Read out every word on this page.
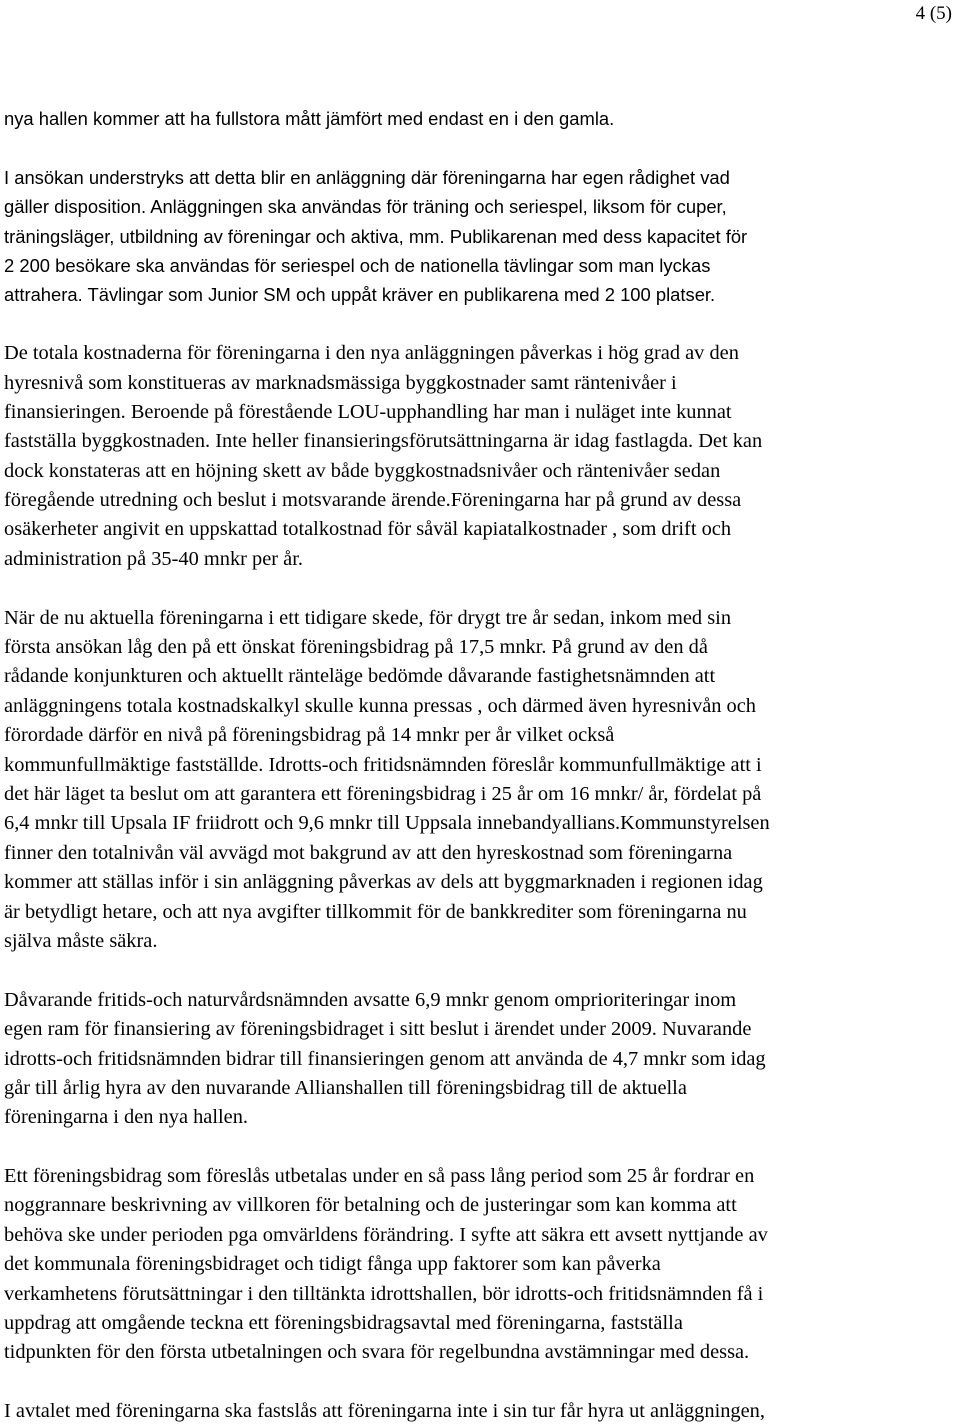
4 (5)
nya hallen kommer att ha fullstora mått jämfört med endast en i den gamla.
I ansökan understryks att detta blir en anläggning där föreningarna har egen rådighet vad
gäller disposition. Anläggningen ska användas för träning och seriespel, liksom för cuper,
träningsläger, utbildning av föreningar och aktiva, mm. Publikarenan med dess kapacitet för
2 200 besökare ska användas för seriespel och de nationella tävlingar som man lyckas
attrahera. Tävlingar som Junior SM och uppåt kräver en publikarena med 2 100 platser.
De totala kostnaderna för föreningarna i den nya anläggningen påverkas i hög grad av den
hyresnivå som konstitueras av marknadsmässiga byggkostnader samt räntenivåer i
finansieringen. Beroende på förestående LOU-upphandling har man i nuläget inte kunnat
fastställa byggkostnaden. Inte heller finansieringsförutsättningarna är idag fastlagda. Det kan
dock konstateras att en höjning skett av både byggkostnadsnivåer och räntenivåer sedan
föregående utredning och beslut i motsvarande ärende.Föreningarna har på grund av dessa
osäkerheter angivit en uppskattad totalkostnad för såväl kapiatalkostnader , som drift och
administration på 35-40 mnkr per år.
När de nu aktuella föreningarna i ett tidigare skede, för drygt tre år sedan, inkom med sin
första ansökan låg den på ett önskat föreningsbidrag på 17,5 mnkr. På grund av den då
rådande konjunkturen och aktuellt ränteläge bedömde dåvarande fastighetsnämnden att
anläggningens totala kostnadskalkyl skulle kunna pressas , och därmed även hyresnivån och
förordade därför en nivå på föreningsbidrag på 14 mnkr per år vilket också
kommunfullmäktige fastställde. Idrotts-och fritidsnämnden föreslår kommunfullmäktige att i
det här läget ta beslut om att garantera ett föreningsbidrag i 25 år om 16 mnkr/ år, fördelat på
6,4 mnkr till Upsala IF friidrott och 9,6 mnkr till Uppsala innebandyallians.Kommunstyrelsen
finner den totalnivån väl avvägd mot bakgrund av att den hyreskostnad som föreningarna
kommer att ställas inför i sin anläggning påverkas av dels att byggmarknaden i regionen idag
är betydligt hetare, och att nya avgifter tillkommit för de bankkrediter som föreningarna nu
själva måste säkra.
Dåvarande fritids-och naturvårdsnämnden avsatte 6,9 mnkr genom omprioriteringar inom
egen ram för finansiering av föreningsbidraget i sitt beslut i ärendet under 2009. Nuvarande
idrotts-och fritidsnämnden bidrar till finansieringen genom att använda de 4,7 mnkr som idag
går till årlig hyra av den nuvarande Allianshallen till föreningsbidrag till de aktuella
föreningarna i den nya hallen.
Ett föreningsbidrag som föreslås utbetalas under en så pass lång period som 25 år fordrar en
noggrannare beskrivning av villkoren för betalning och de justeringar som kan komma att
behöva ske under perioden pga omvärldens förändring. I syfte att säkra ett avsett nyttjande av
det kommunala föreningsbidraget och tidigt fånga upp faktorer som kan påverka
verkamhetens förutsättningar i den tilltänkta idrottshallen, bör idrotts-och fritidsnämnden få i
uppdrag att omgående teckna ett föreningsbidragsavtal med föreningarna, fastställa
tidpunkten för den första utbetalningen och svara för regelbundna avstämningar med dessa.
I avtalet med föreningarna ska fastslås att föreningarna inte i sin tur får hyra ut anläggningen,
